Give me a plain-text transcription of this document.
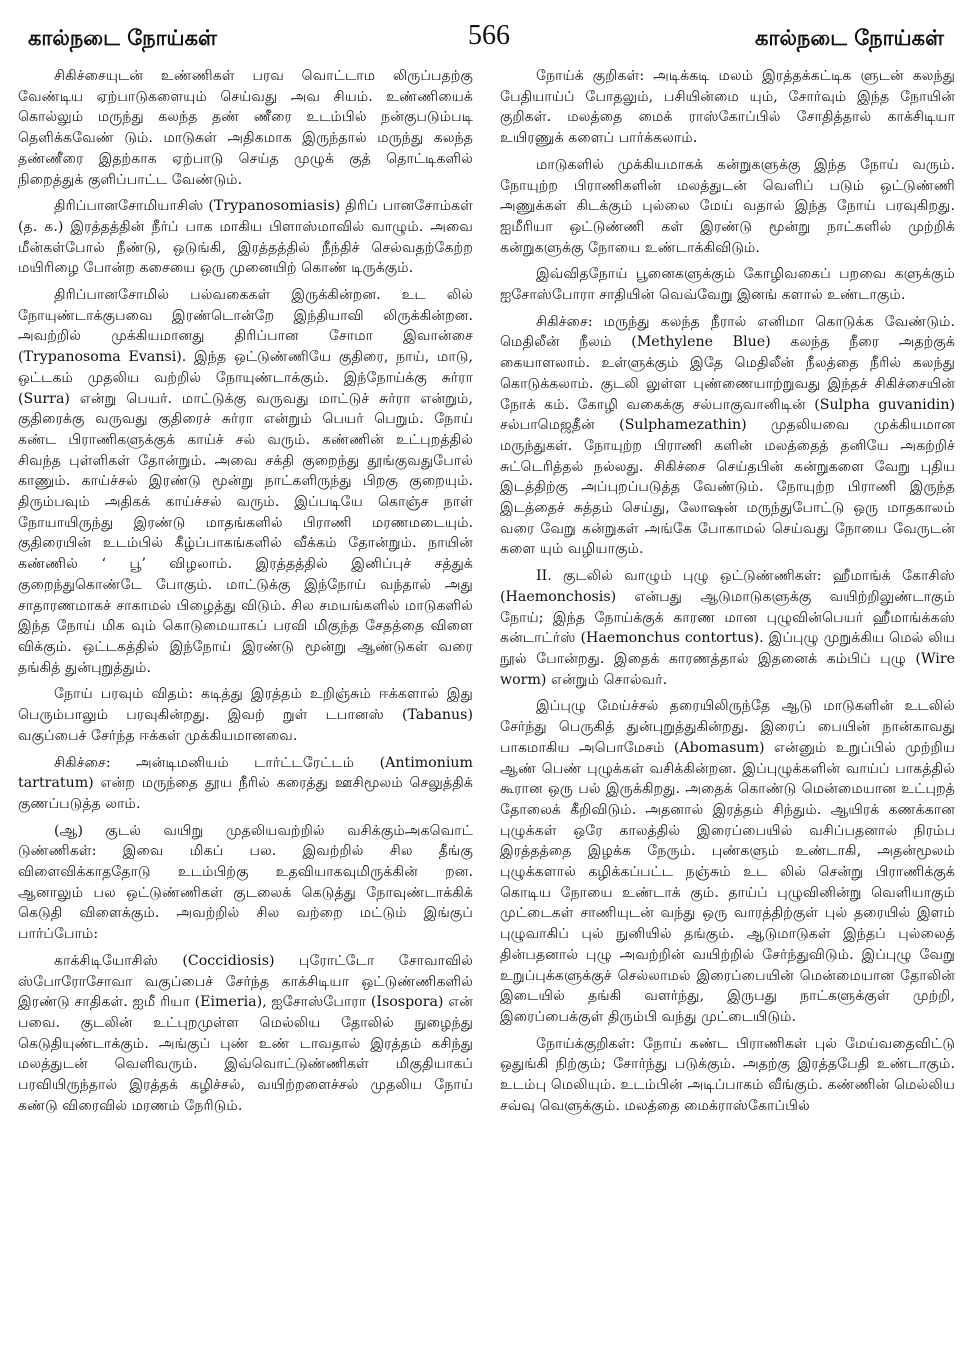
கால்நடை நோய்கள்	566	கால்நடை நோய்கள்

சிகிச்சையுடன் உண்ணிகள் பரவ வொட்டாம லிருப்பதற்கு வேண்டிய ஏற்பாடுகளையும் செய்வது அவ சியம். உண்ணியைக் கொல்லும் மருந்து கலந்த தண் ணீரை உடம்பில் நன்குபடும்படி தெளிக்கவேண் டும். மாடுகள் அதிகமாக இருந்தால் மருந்து கலந்த தண்ணீரை இதற்காக ஏற்பாடு செய்த முழுக் குத் தொட்டிகளில் நிறைத்துக் குளிப்பாட்ட வேண்டும்.

திரிப்பானசோமியாசிஸ் (Trypanosomiasis) திரிப் பானசோம்கள் (த. க.) இரத்தத்தின் நீர்ப் பாக மாகிய பிளாஸ்மாவில் வாழும். அவை மீன்கள்போல் நீண்டு, ஒடுங்கி, இரத்தத்தில் நீந்திச் செல்வதற்கேற்ற மயிரிழை போன்ற கசையை ஒரு முனையிற் கொண் டிருக்கும்.

திரிப்பானசோமில் பல்வகைகள் இருக்கின்றன. உட லில் நோயுண்டாக்குபவை இரண்டொன்றே இந்தியாவி லிருக்கின்றன. அவற்றில் முக்கியமானது திரிப்பான சோமா இவான்சை (Trypanosoma Evansi). இந்த ஒட்டுண்ணியே குதிரை, நாய், மாடு, ஒட்டகம் முதலிய வற்றில் நோயுண்டாக்கும். இந்நோய்க்கு சுர்ரா (Surra) என்று பெயர். மாட்டுக்கு வருவது மாட்டுச் சுர்ரா என்றும், குதிரைக்கு வருவது குதிரைச் சுர்ரா என்றும் பெயர் பெறும். நோய் கண்ட பிராணிகளுக்குக் காய்ச் சல் வரும். கண்ணின் உட்புறத்தில் சிவந்த புள்ளிகள் தோன்றும். அவை சக்தி குறைந்து தூங்குவதுபோல் காணும். காய்ச்சல் இரண்டு மூன்று நாட்களிருந்து பிறகு குறையும். திரும்பவும் அதிகக் காய்ச்சல் வரும். இப்படியே கொஞ்ச நாள் நோயாயிருந்து இரண்டு மாதங்களில் பிராணி மரணமடையும். குதிரையின் உடம்பில் கீழ்ப்பாகங்களில் வீக்கம் தோன்றும். நாயின் கண்ணில் ‘ பூ’ விழலாம். இரத்தத்தில் இனிப்புச் சத்துக் குறைந்துகொண்டே போகும். மாட்டுக்கு இந்நோய் வந்தால் அது சாதாரணமாகச் சாகாமல் பிழைத்து விடும். சில சமயங்களில் மாடுகளில் இந்த நோய் மிக வும் கொடுமையாகப் பரவி மிகுந்த சேதத்தை விளை விக்கும். ஒட்டகத்தில் இந்நோய் இரண்டு மூன்று ஆண்டுகள் வரை தங்கித் துன்புறுத்தும்.

நோய் பரவும் விதம்: கடித்து இரத்தம் உறிஞ்சும் ஈக்களால் இது பெரும்பாலும் பரவுகின்றது. இவற் றுள் டபானஸ் (Tabanus) வகுப்பைச் சேர்ந்த ஈக்கள் முக்கியமானவை.

சிகிச்சை: அன்டிமனியம் டார்ட்டரேட்டம் (Antimonium tartratum) என்ற மருந்தை தூய நீரில் கரைத்து ஊசிமூலம் செலுத்திக் குணப்படுத்த லாம்.

(ஆ) குடல் வயிறு முதலியவற்றில் வசிக்கும்அகவொட் டுண்ணிகள்: இவை மிகப் பல. இவற்றில் சில தீங்கு விளைவிக்காததோடு உடம்பிற்கு உதவியாகவுமிருக்கின் றன. ஆனாலும் பல ஒட்டுண்ணிகள் குடலைக் கெடுத்து நோவுண்டாக்கிக் கெடுதி விளைக்கும். அவற்றில் சில வற்றை மட்டும் இங்குப் பார்ப்போம்:

காக்சிடியோசிஸ் (Coccidiosis) புரோட்டோ சோவாவில் ஸ்போரோசோவா வகுப்பைச் சேர்ந்த காக்சிடியா ஒட்டுண்ணிகளில் இரண்டு சாதிகள். ஐமீ ரியா (Eimeria), ஐசோஸ்போரா (Isospora) என் பவை. குடலின் உட்புறமுள்ள மெல்லிய தோலில் நுழைந்து கெடுதியுண்டாக்கும். அங்குப் புண் உண் டாவதால் இரத்தம் கசிந்து மலத்துடன் வெளிவரும். இவ்வொட்டுண்ணிகள் மிகுதியாகப் பரவியிருந்தால் இரத்தக் கழிச்சல், வயிற்றளைச்சல் முதலிய நோய் கண்டு விரைவில் மரணம் நேரிடும்.

நோய்க் குறிகள்: அடிக்கடி மலம் இரத்தக்கட்டிக ளுடன் கலந்து பேதியாய்ப் போதலும், பசியின்மை யும், சோர்வும் இந்த நோயின் குறிகள். மலத்தை மைக் ராஸ்கோப்பில் சோதித்தால் காக்சிடியா உயிரணுக் களைப் பார்க்கலாம்.

மாடுகளில் முக்கியமாகக் கன்றுகளுக்கு இந்த நோய் வரும். நோயுற்ற பிராணிகளின் மலத்துடன் வெளிப் படும் ஒட்டுண்ணி அணுக்கள் கிடக்கும் புல்லை மேய் வதால் இந்த நோய் பரவுகிறது. ஐமீரியா ஒட்டுண்ணி கள் இரண்டு மூன்று நாட்களில் முற்றிக் கன்றுகளுக்கு நோயை உண்டாக்கிவிடும்.

இவ்விதநோய் பூனைகளுக்கும் கோழிவகைப் பறவை களுக்கும் ஐசோஸ்போரா சாதியின் வெவ்வேறு இனங் களால் உண்டாகும்.

சிகிச்சை: மருந்து கலந்த நீரால் எனிமா கொடுக்க வேண்டும். மெதிலீன் நீலம் (Methylene Blue) கலந்த நீரை அதற்குக் கையாளலாம். உள்ளுக்கும் இதே மெதிலீன் நீலத்தை நீரில் கலந்து கொடுக்கலாம். குடலி லுள்ள புண்ணையாற்றுவது இந்தச் சிகிச்சையின் நோக் கம். கோழி வகைக்கு சல்பாகுவானிடின் (Sulpha guvanidin) சல்பாமெஜதீன் (Sulphamezathin) முதலியவை முக்கியமான மருந்துகள். நோயுற்ற பிராணி களின் மலத்தைத் தனியே அகற்றிச் சுட்டெரித்தல் நல்லது. சிகிச்சை செய்தபின் கன்றுகளை வேறு புதிய இடத்திற்கு அப்புறப்படுத்த வேண்டும். நோயுற்ற பிராணி இருந்த இடத்தைச் சுத்தம் செய்து, லோஷன் மருந்துபோட்டு ஒரு மாதகாலம் வரை வேறு கன்றுகள் அங்கே போகாமல் செய்வது நோயை வேருடன் களை யும் வழியாகும்.

II. குடலில் வாழும் புழு ஒட்டுண்ணிகள்: ஹீமாங்க் கோசிஸ் (Haemonchosis) என்பது ஆடுமாடுகளுக்கு வயிற்றிலுண்டாகும் நோய்; இந்த நோய்க்குக் காரண மான புழுவின்பெயர் ஹீமாங்க்கஸ் கன்டாட்ர்ஸ் (Haemonchus contortus). இப்புழு முறுக்கிய மெல் லிய நூல் போன்றது. இதைக் காரணத்தால் இதனைக் கம்பிப் புழு (Wire worm) என்றும் சொல்வர்.

இப்புழு மேய்ச்சல் தரையிலிருந்தே ஆடு மாடுகளின் உடலில் சேர்ந்து பெருகித் துன்புறுத்துகின்றது. இரைப் பையின் நான்காவது பாகமாகிய அபொமேசம் (Abomasum) என்னும் உறுப்பில் முற்றிய ஆண் பெண் புழுக்கள் வசிக்கின்றன. இப்புழுக்களின் வாய்ப் பாகத்தில் கூரான ஒரு பல் இருக்கிறது. அதைக் கொண்டு மென்மையான உட்புறத் தோலைக் கீறிவிடும். அதனால் இரத்தம் சிந்தும். ஆயிரக் கணக்கான புழுக்கள் ஒரே காலத்தில் இரைப்பையில் வசிப்பதனால் நிரம்ப இரத்தத்தை இழக்க நேரும். புண்களும் உண்டாகி, அதன்மூலம் புழுக்களால் கழிக்கப்பட்ட நஞ்சும் உட லில் சென்று பிராணிக்குக் கொடிய நோயை உண்டாக் கும். தாய்ப் புழுவினின்று வெளியாகும் முட்டைகள் சாணியுடன் வந்து ஒரு வாரத்திற்குள் புல் தரையில் இளம் புழுவாகிப் புல் நுனியில் தங்கும். ஆடுமாடுகள் இந்தப் புல்லைத் தின்பதனால் புழு அவற்றின் வயிற்றில் சேர்ந்துவிடும். இப்புழு வேறு உறுப்புக்களுக்குச் செல்லாமல் இரைப்பையின் மென்மையான தோலின் இடையில் தங்கி வளர்ந்து, இருபது நாட்களுக்குள் முற்றி, இரைப்பைக்குள் திரும்பி வந்து முட்டையிடும்.

நோய்க்குறிகள்: நோய் கண்ட பிராணிகள் புல் மேய்வதைவிட்டு ஒதுங்கி நிற்கும்; சோர்ந்து படுக்கும். அதற்கு இரத்தபேதி உண்டாகும். உடம்பு மெலியும். உடம்பின் அடிப்பாகம் வீங்கும். கண்ணின் மெல்லிய சவ்வு வெளுக்கும். மலத்தை மைக்ராஸ்கோப்பில்
